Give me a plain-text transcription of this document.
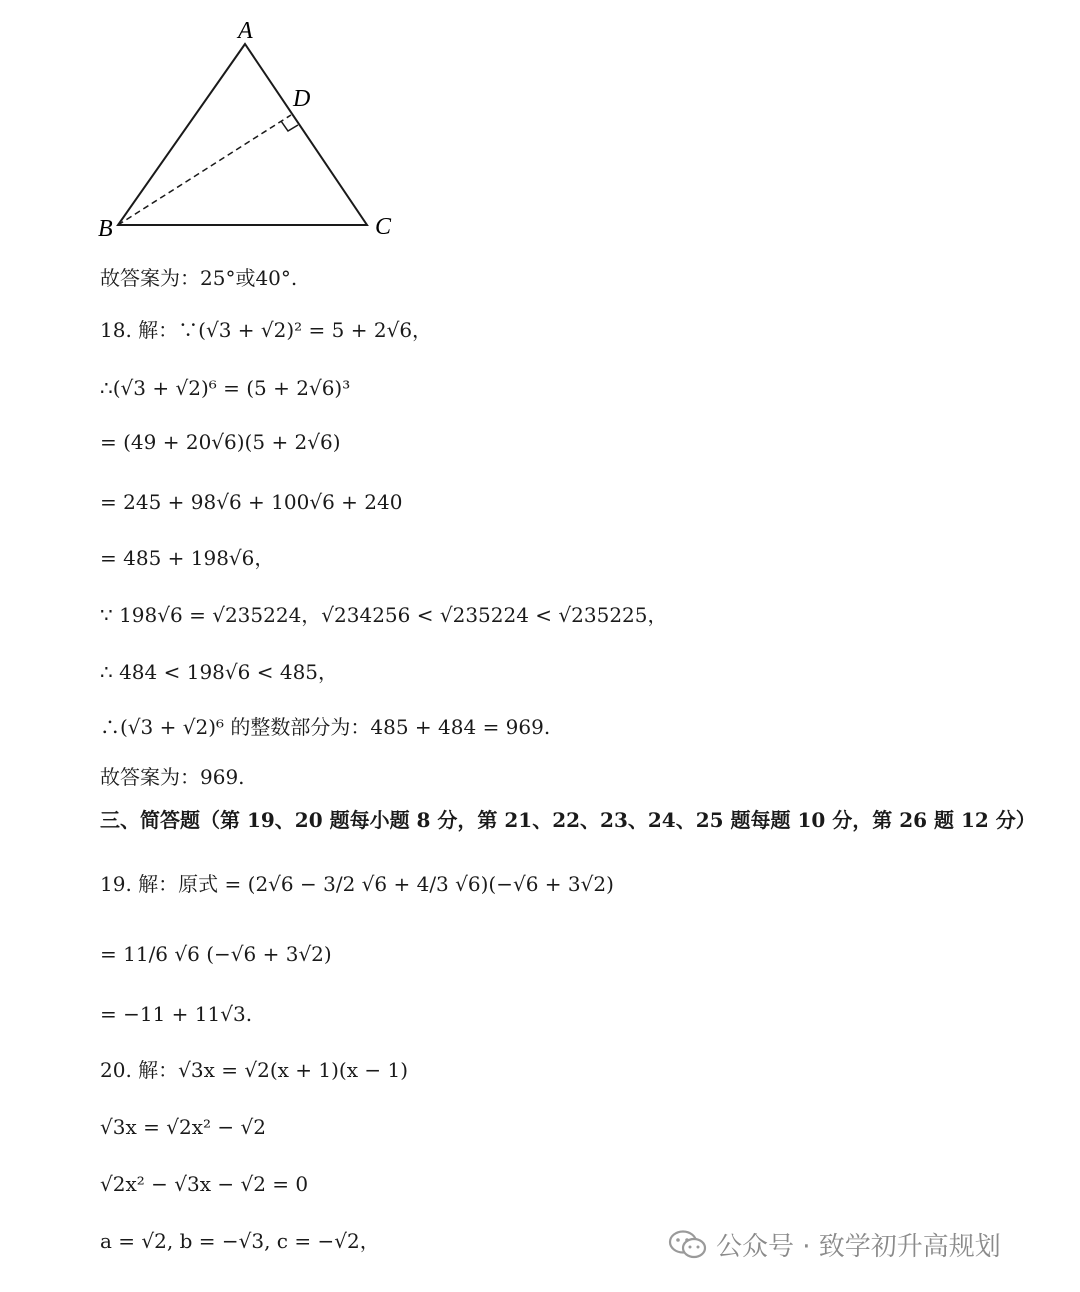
A
D
B	C
故答案为：25°或40°.
18. 解：∵(√3 + √2)² = 5 + 2√6，
∴(√3 + √2)⁶ = (5 + 2√6)³
= (49 + 20√6)(5 + 2√6)
= 245 + 98√6 + 100√6 + 240
= 485 + 198√6，
∵ 198√6 = √235224，√234256 < √235224 < √235225，
∴ 484 < 198√6 < 485，
∴(√3 + √2)⁶ 的整数部分为：485 + 484 = 969.
故答案为：969.
三、简答题（第 19、20 题每小题 8 分，第 21、22、23、24、25 题每题 10 分，第 26 题 12 分）
19. 解：原式 = (2√6 − 3/2 √6 + 4/3 √6)(−√6 + 3√2)
= 11/6 √6 (−√6 + 3√2)
= −11 + 11√3.
20. 解：√3x = √2(x + 1)(x − 1)
√3x = √2x² − √2
√2x² − √3x − √2 = 0
a = √2, b = −√3, c = −√2，	公众号 · 致学初升高规划
